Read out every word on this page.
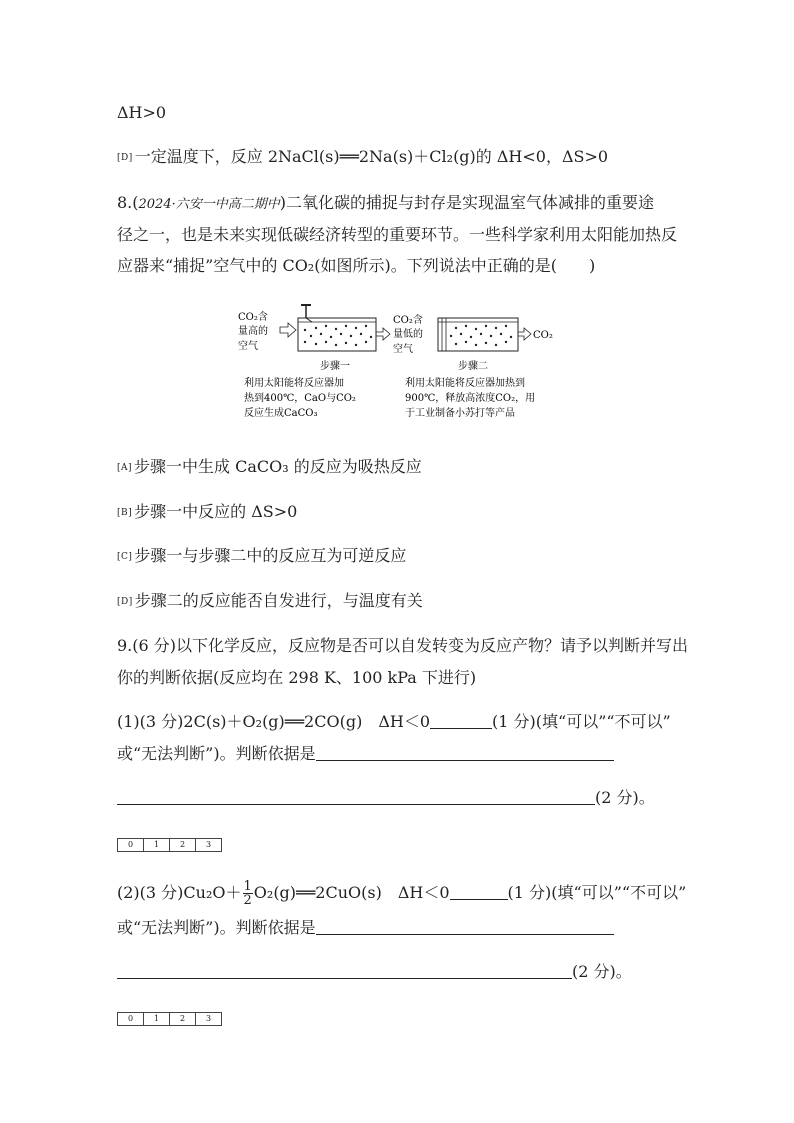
ΔH>0
[D] 一定温度下，反应 2NaCl(s)══2Na(s)＋Cl₂(g)的 ΔH<0，ΔS>0
8.(2024·六安一中高二期中)二氧化碳的捕捉与封存是实现温室气体减排的重要途
径之一，也是未来实现低碳经济转型的重要环节。一些科学家利用太阳能加热反
应器来“捕捉”空气中的 CO₂(如图所示)。下列说法中正确的是(　　)
CO₂含
量高的
空气
CO₂含
量低的
空气
CO₂
步骤一	步骤二
利用太阳能将反应器加
热到400℃，CaO与CO₂
反应生成CaCO₃
利用太阳能将反应器加热到
900℃，释放高浓度CO₂，用
于工业制备小苏打等产品
[A] 步骤一中生成 CaCO₃ 的反应为吸热反应
[B] 步骤一中反应的 ΔS>0
[C] 步骤一与步骤二中的反应互为可逆反应
[D] 步骤二的反应能否自发进行，与温度有关
9.(6 分)以下化学反应，反应物是否可以自发转变为反应产物？请予以判断并写出
你的判断依据(反应均在 298 K、100 kPa 下进行)
(1)(3 分)2C(s)＋O₂(g)══2CO(g)　ΔH＜0	(1 分)(填“可以”“不可以”
或“无法判断”)。判断依据是
(2 分)。
0	1	2	3
(2)(3 分)$Cu_2O+ \frac{1}{2}$ O₂(g)══2CuO(s)　ΔH＜0	(1 分)(填“可以”“不可以”
或“无法判断”)。判断依据是
(2 分)。
0	1	2	3
